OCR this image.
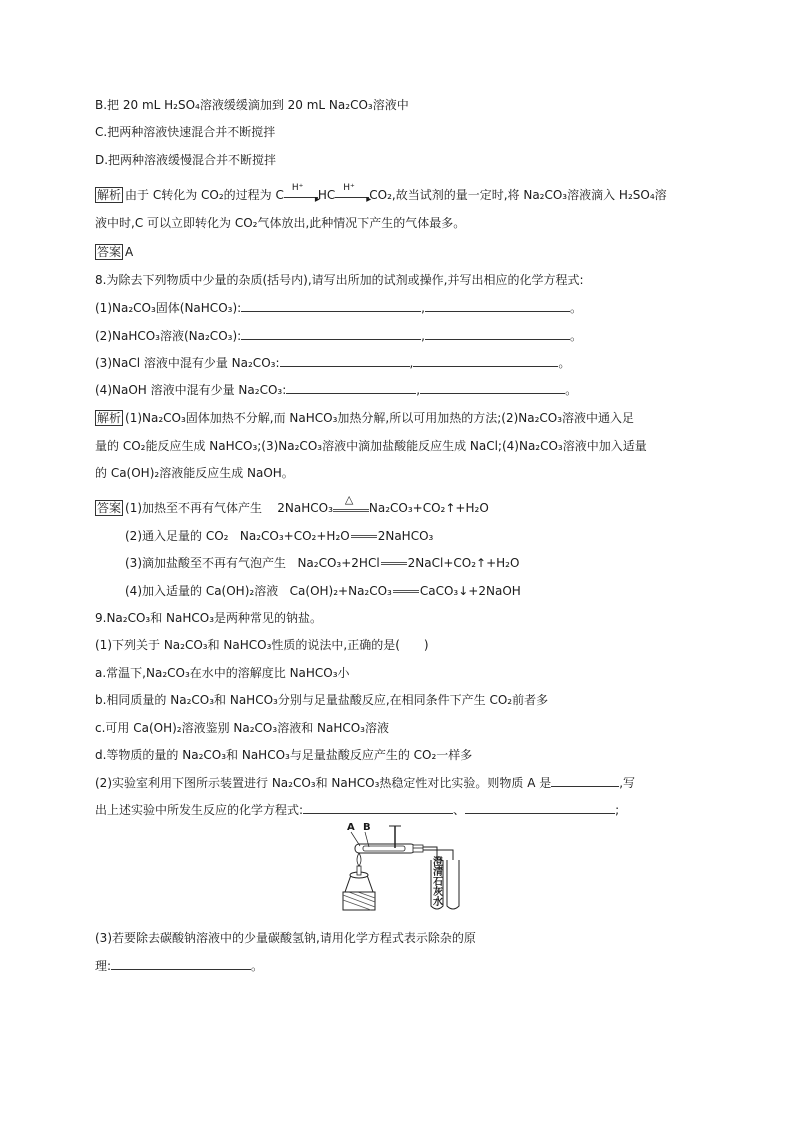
B.把 20 mL H₂SO₄溶液缓缓滴加到 20 mL Na₂CO₃溶液中
C.把两种溶液快速混合并不断搅拌
D.把两种溶液缓慢混合并不断搅拌
解析 由于 C转化为 CO₂的过程为 C H⁺
▸
HC H⁺
▸
CO₂,故当试剂的量一定时,将 Na₂CO₃溶液滴入 H₂SO₄溶
液中时,C 可以立即转化为 CO₂气体放出,此种情况下产生的气体最多。
答案 A
8.为除去下列物质中少量的杂质(括号内),请写出所加的试剂或操作,并写出相应的化学方程式:
(1)Na₂CO₃固体(NaHCO₃):	,	。
(2)NaHCO₃溶液(Na₂CO₃):	,	。
(3)NaCl 溶液中混有少量 Na₂CO₃:	,	。
(4)NaOH 溶液中混有少量 Na₂CO₃:	,	。
解析 (1)Na₂CO₃固体加热不分解,而 NaHCO₃加热分解,所以可用加热的方法;(2)Na₂CO₃溶液中通入足
量的 CO₂能反应生成 NaHCO₃;(3)Na₂CO₃溶液中滴加盐酸能反应生成 NaCl;(4)Na₂CO₃溶液中加入适量
的 Ca(OH)₂溶液能反应生成 NaOH。
答案 (1)加热至不再有气体产生 2NaHCO₃
△
Na₂CO₃+CO₂↑+H₂O
(2)通入足量的 CO₂ Na₂CO₃+CO₂+H₂O 2NaHCO₃
(3)滴加盐酸至不再有气泡产生 Na₂CO₃+2HCl 2NaCl+CO₂↑+H₂O
(4)加入适量的 Ca(OH)₂溶液 Ca(OH)₂+Na₂CO₃ CaCO₃↓+2NaOH
9.Na₂CO₃和 NaHCO₃是两种常见的钠盐。
(1)下列关于 Na₂CO₃和 NaHCO₃性质的说法中,正确的是(　　)
a.常温下,Na₂CO₃在水中的溶解度比 NaHCO₃小
b.相同质量的 Na₂CO₃和 NaHCO₃分别与足量盐酸反应,在相同条件下产生 CO₂前者多
c.可用 Ca(OH)₂溶液鉴别 Na₂CO₃溶液和 NaHCO₃溶液
d.等物质的量的 Na₂CO₃和 NaHCO₃与足量盐酸反应产生的 CO₂一样多
(2)实验室利用下图所示装置进行 Na₂CO₃和 NaHCO₃热稳定性对比实验。则物质 A 是	,写
出上述实验中所发生反应的化学方程式:	、	;
A B
澄
清
石
灰
水
(3)若要除去碳酸钠溶液中的少量碳酸氢钠,请用化学方程式表示除杂的原
理:	。
